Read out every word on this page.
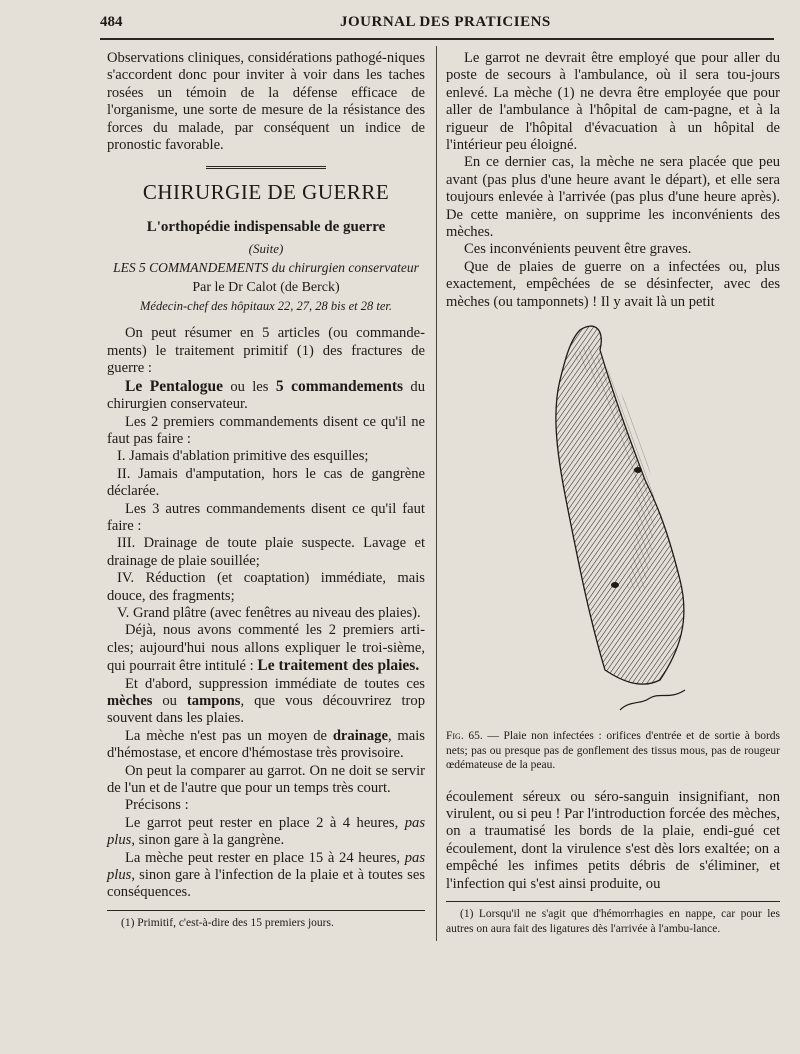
484	JOURNAL DES PRATICIENS

Observations cliniques, considérations pathogé-niques s'accordent donc pour inviter à voir dans les taches rosées un témoin de la défense efficace de l'organisme, une sorte de mesure de la résistance des forces du malade, par conséquent un indice de pronostic favorable.

CHIRURGIE DE GUERRE
L'orthopédie indispensable de guerre
(Suite)
LES 5 COMMANDEMENTS du chirurgien conservateur
Par le Dr Calot (de Berck)
Médecin-chef des hôpitaux 22, 27, 28 bis et 28 ter.

On peut résumer en 5 articles (ou commande-ments) le traitement primitif (1) des fractures de guerre :

Le Pentalogue ou les 5 commandements du chirurgien conservateur.

Les 2 premiers commandements disent ce qu'il ne faut pas faire :

I. Jamais d'ablation primitive des esquilles;

II. Jamais d'amputation, hors le cas de gangrène déclarée.

Les 3 autres commandements disent ce qu'il faut faire :

III. Drainage de toute plaie suspecte. Lavage et drainage de plaie souillée;

IV. Réduction (et coaptation) immédiate, mais douce, des fragments;

V. Grand plâtre (avec fenêtres au niveau des plaies).

Déjà, nous avons commenté les 2 premiers arti-cles; aujourd'hui nous allons expliquer le troi-sième, qui pourrait être intitulé : Le traitement des plaies.

Et d'abord, suppression immédiate de toutes ces mèches ou tampons, que vous découvrirez trop souvent dans les plaies.

La mèche n'est pas un moyen de drainage, mais d'hémostase, et encore d'hémostase très provisoire.

On peut la comparer au garrot. On ne doit se servir de l'un et de l'autre que pour un temps très court.

Précisons :

Le garrot peut rester en place 2 à 4 heures, pas plus, sinon gare à la gangrène.

La mèche peut rester en place 15 à 24 heures, pas plus, sinon gare à l'infection de la plaie et à toutes ses conséquences.

(1) Primitif, c'est-à-dire des 15 premiers jours.

Le garrot ne devrait être employé que pour aller du poste de secours à l'ambulance, où il sera tou-jours enlevé. La mèche (1) ne devra être employée que pour aller de l'ambulance à l'hôpital de cam-pagne, et à la rigueur de l'hôpital d'évacuation à un hôpital de l'intérieur peu éloigné.

En ce dernier cas, la mèche ne sera placée que peu avant (pas plus d'une heure avant le départ), et elle sera toujours enlevée à l'arrivée (pas plus d'une heure après). De cette manière, on supprime les inconvénients des mèches.

Ces inconvénients peuvent être graves.

Que de plaies de guerre on a infectées ou, plus exactement, empêchées de se désinfecter, avec des mèches (ou tamponnets) ! Il y avait là un petit

Fig. 65. — Plaie non infectées : orifices d'entrée et de sortie à bords nets; pas ou presque pas de gonflement des tissus mous, pas de rougeur œdémateuse de la peau.

écoulement séreux ou séro-sanguin insignifiant, non virulent, ou si peu ! Par l'introduction forcée des mèches, on a traumatisé les bords de la plaie, endi-gué cet écoulement, dont la virulence s'est dès lors exaltée; on a empêché les infimes petits débris de s'éliminer, et l'infection qui s'est ainsi produite, ou

(1) Lorsqu'il ne s'agit que d'hémorrhagies en nappe, car pour les autres on aura fait des ligatures dès l'arrivée à l'ambu-lance.
